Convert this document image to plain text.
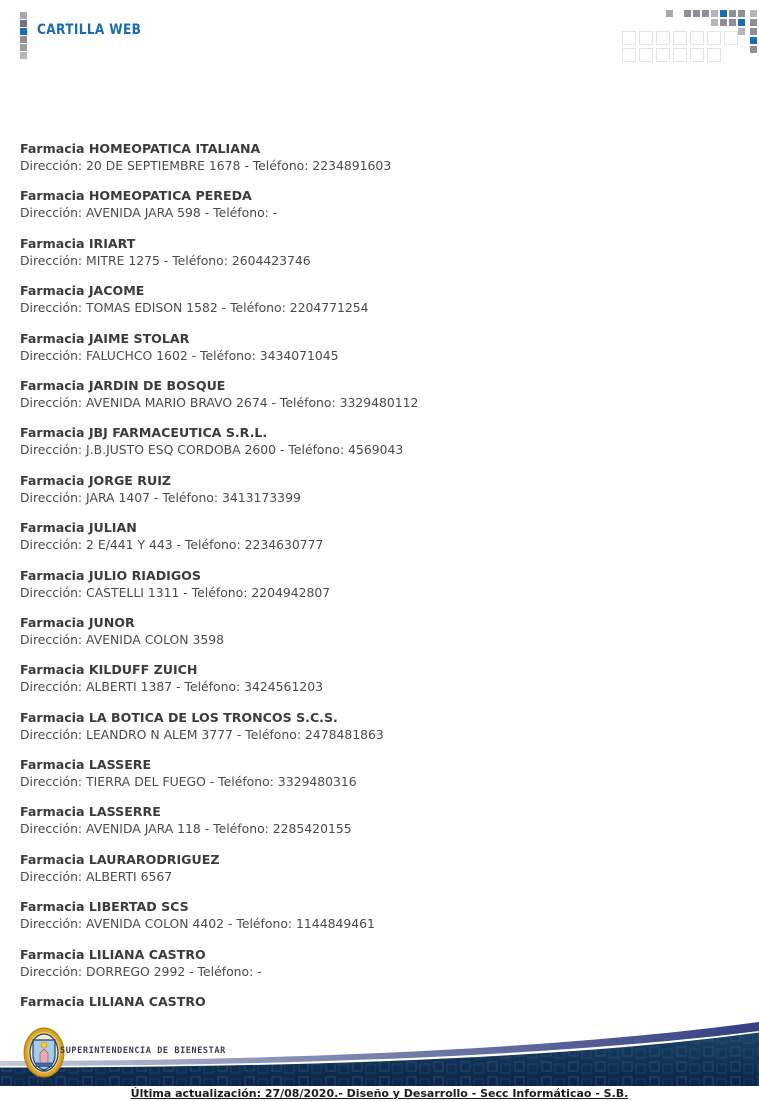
CARTILLA WEB
Farmacia HOMEOPATICA ITALIANA
Dirección: 20 DE SEPTIEMBRE 1678 - Teléfono: 2234891603
Farmacia HOMEOPATICA PEREDA
Dirección: AVENIDA JARA 598 - Teléfono: -
Farmacia IRIART
Dirección: MITRE 1275 - Teléfono: 2604423746
Farmacia JACOME
Dirección: TOMAS EDISON 1582 - Teléfono: 2204771254
Farmacia JAIME STOLAR
Dirección: FALUCHCO 1602 - Teléfono: 3434071045
Farmacia JARDIN DE BOSQUE
Dirección: AVENIDA MARIO BRAVO 2674 - Teléfono: 3329480112
Farmacia JBJ FARMACEUTICA S.R.L.
Dirección: J.B.JUSTO ESQ CORDOBA 2600 - Teléfono: 4569043
Farmacia JORGE RUIZ
Dirección: JARA 1407 - Teléfono: 3413173399
Farmacia JULIAN
Dirección: 2 E/441 Y 443 - Teléfono: 2234630777
Farmacia JULIO RIADIGOS
Dirección: CASTELLI 1311 - Teléfono: 2204942807
Farmacia JUNOR
Dirección: AVENIDA COLON 3598
Farmacia KILDUFF ZUICH
Dirección: ALBERTI 1387 - Teléfono: 3424561203
Farmacia LA BOTICA DE LOS TRONCOS S.C.S.
Dirección: LEANDRO N ALEM 3777 - Teléfono: 2478481863
Farmacia LASSERE
Dirección: TIERRA DEL FUEGO - Teléfono: 3329480316
Farmacia LASSERRE
Dirección: AVENIDA JARA 118 - Teléfono: 2285420155
Farmacia LAURARODRIGUEZ
Dirección: ALBERTI 6567
Farmacia LIBERTAD SCS
Dirección: AVENIDA COLON 4402 - Teléfono: 1144849461
Farmacia LILIANA CASTRO
Dirección: DORREGO 2992 - Teléfono: -
Farmacia LILIANA CASTRO
SUPERINTENDENCIA DE BIENESTAR
Última actualización: 27/08/2020.- Diseño y Desarrollo - Secc Informáticao - S.B.
